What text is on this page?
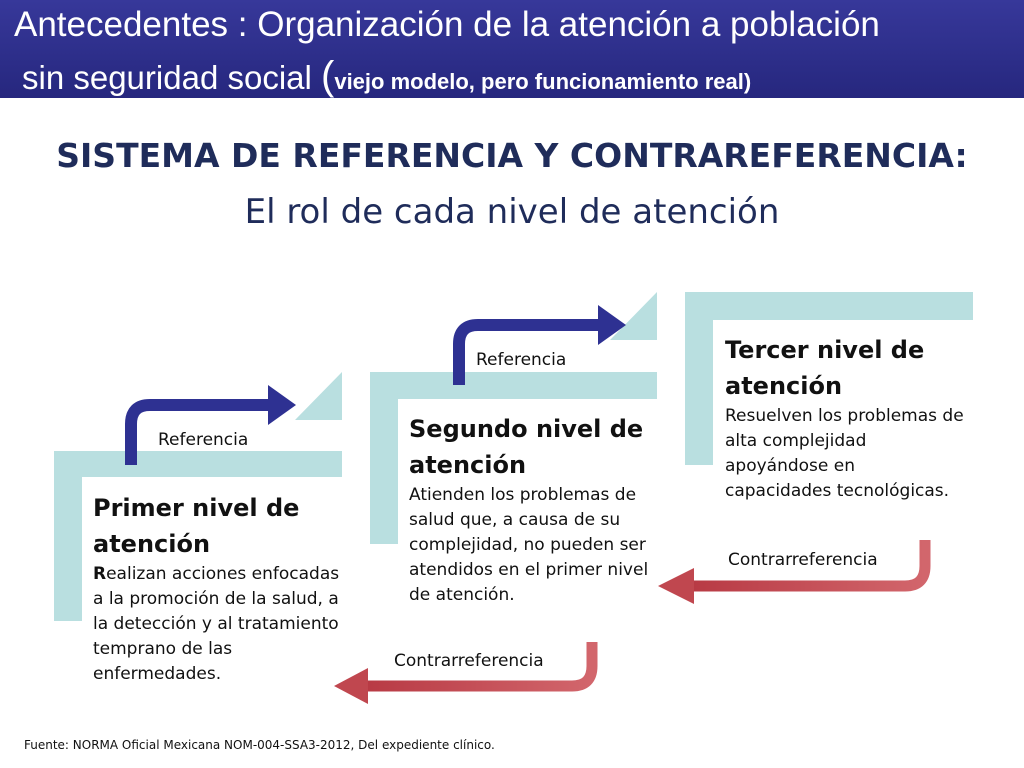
Antecedentes : Organización de la atención a población
sin seguridad social (viejo modelo, pero funcionamiento real)
SISTEMA DE REFERENCIA Y CONTRAREFERENCIA:
El rol de cada nivel de atención
Primer nivel de atención
Realizan acciones enfocadas a la promoción de la salud, a la detección y al tratamiento temprano de las enfermedades.
Segundo nivel de atención
Atienden los problemas de salud que, a causa de su complejidad, no pueden ser atendidos en el primer nivel de atención.
Tercer nivel de atención
Resuelven los problemas de alta complejidad apoyándose en capacidades tecnológicas.
Referencia
Referencia
Contrarreferencia
Contrarreferencia
Fuente: NORMA Oficial Mexicana NOM-004-SSA3-2012, Del expediente clínico.
